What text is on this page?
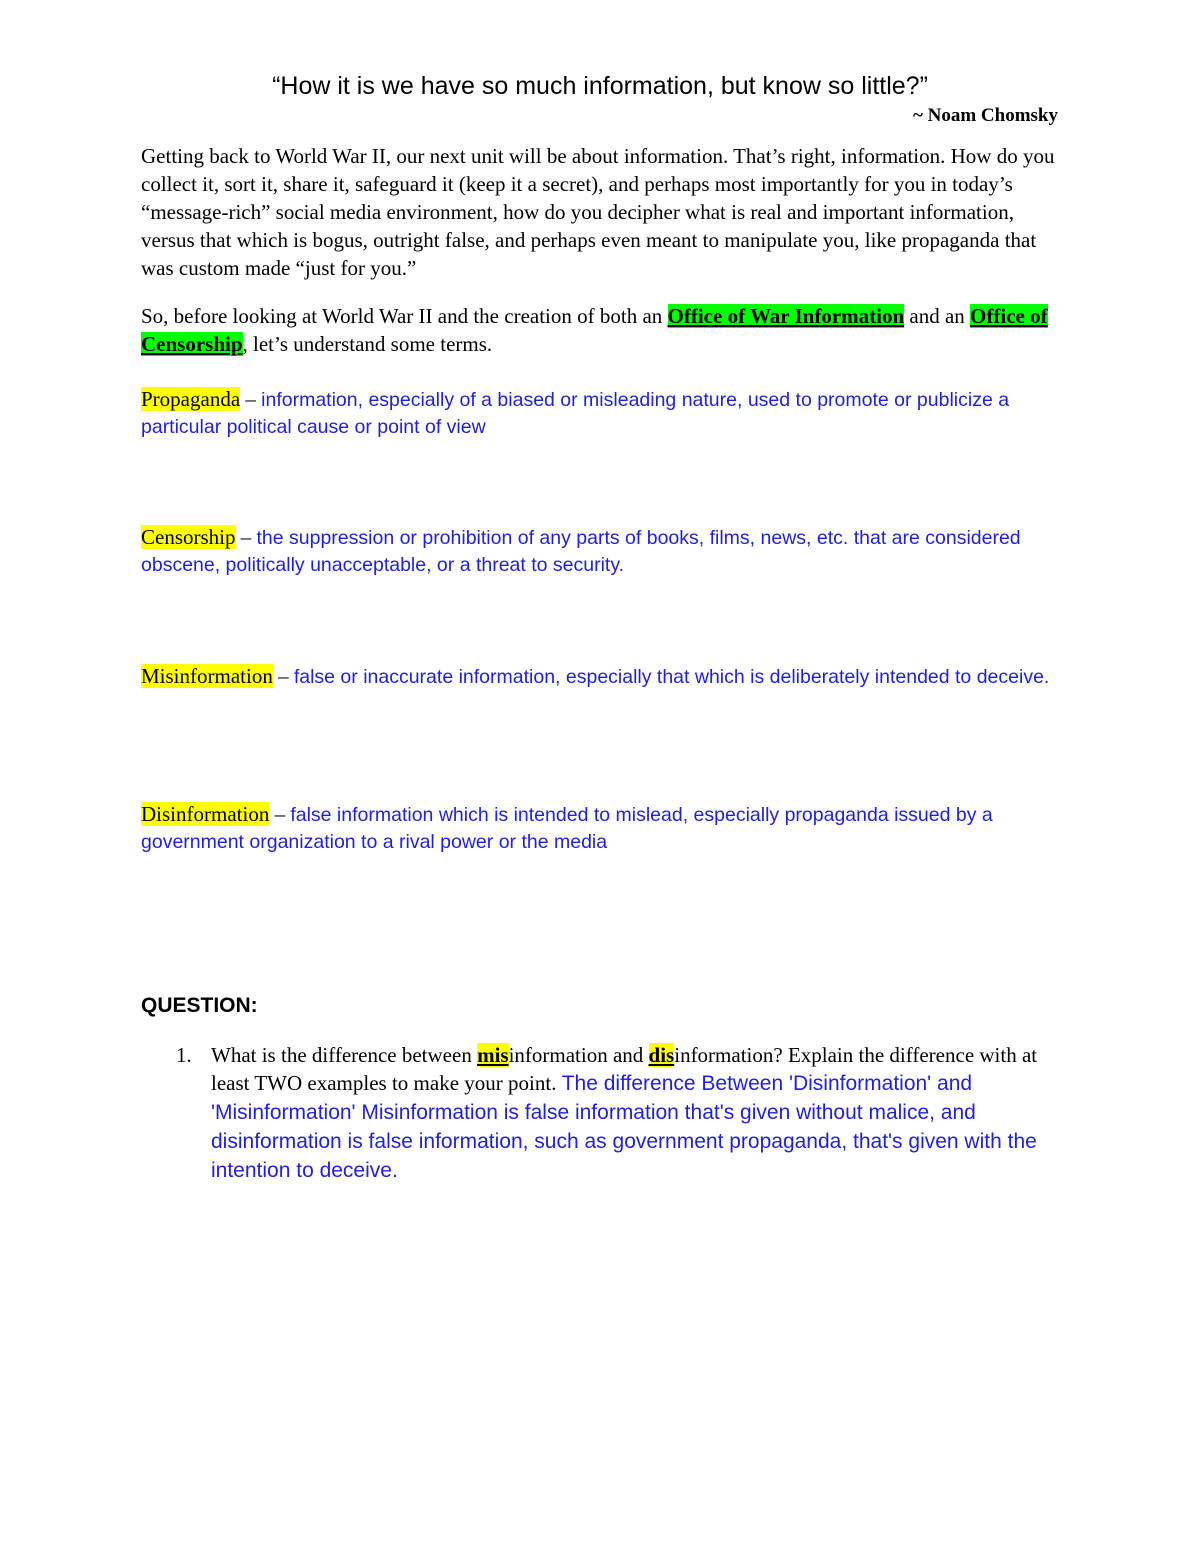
“How it is we have so much information, but know so little?”
~ Noam Chomsky
Getting back to World War II, our next unit will be about information. That’s right, information. How do you collect it, sort it, share it, safeguard it (keep it a secret), and perhaps most importantly for you in today’s “message-rich” social media environment, how do you decipher what is real and important information, versus that which is bogus, outright false, and perhaps even meant to manipulate you, like propaganda that was custom made “just for you.”
So, before looking at World War II and the creation of both an Office of War Information and an Office of Censorship, let’s understand some terms.
Propaganda – information, especially of a biased or misleading nature, used to promote or publicize a particular political cause or point of view
Censorship – the suppression or prohibition of any parts of books, films, news, etc. that are considered obscene, politically unacceptable, or a threat to security.
Misinformation – false or inaccurate information, especially that which is deliberately intended to deceive.
Disinformation – false information which is intended to mislead, especially propaganda issued by a government organization to a rival power or the media
QUESTION:
1. What is the difference between misinformation and disinformation? Explain the difference with at least TWO examples to make your point. The difference Between 'Disinformation' and 'Misinformation' Misinformation is false information that's given without malice, and disinformation is false information, such as government propaganda, that's given with the intention to deceive.
